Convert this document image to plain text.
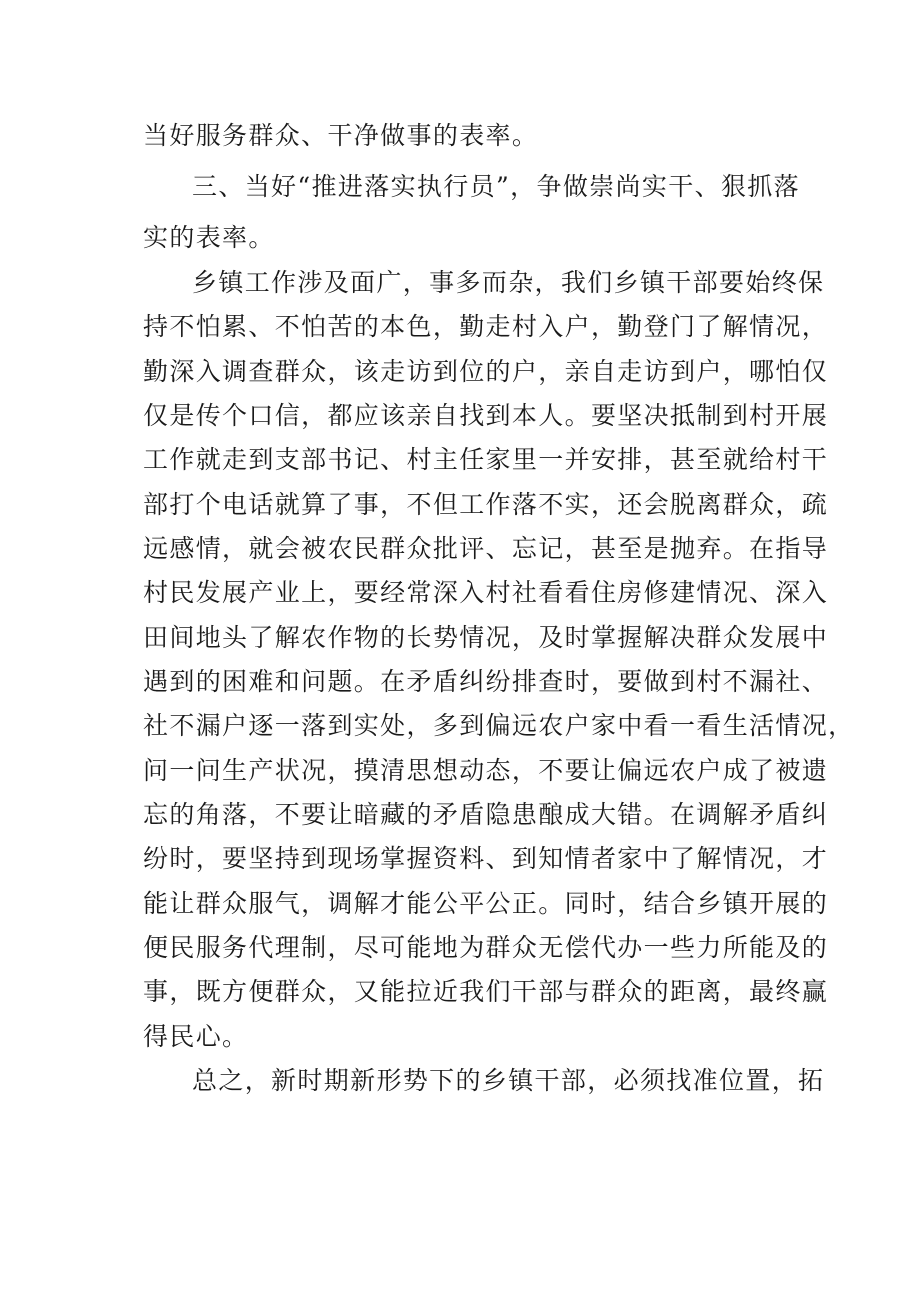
当好服务群众、干净做事的表率。
三、当好“推进落实执行员”，争做崇尚实干、狠抓落
实的表率。
乡镇工作涉及面广，事多而杂，我们乡镇干部要始终保
持不怕累、不怕苦的本色，勤走村入户，勤登门了解情况，
勤深入调查群众，该走访到位的户，亲自走访到户，哪怕仅
仅是传个口信，都应该亲自找到本人。要坚决抵制到村开展
工作就走到支部书记、村主任家里一并安排，甚至就给村干
部打个电话就算了事，不但工作落不实，还会脱离群众，疏
远感情，就会被农民群众批评、忘记，甚至是抛弃。在指导
村民发展产业上，要经常深入村社看看住房修建情况、深入
田间地头了解农作物的长势情况，及时掌握解决群众发展中
遇到的困难和问题。在矛盾纠纷排查时，要做到村不漏社、
社不漏户逐一落到实处，多到偏远农户家中看一看生活情况，
问一问生产状况，摸清思想动态，不要让偏远农户成了被遗
忘的角落，不要让暗藏的矛盾隐患酿成大错。在调解矛盾纠
纷时，要坚持到现场掌握资料、到知情者家中了解情况，才
能让群众服气，调解才能公平公正。同时，结合乡镇开展的
便民服务代理制，尽可能地为群众无偿代办一些力所能及的
事，既方便群众，又能拉近我们干部与群众的距离，最终赢
得民心。
总之，新时期新形势下的乡镇干部，必须找准位置，拓
